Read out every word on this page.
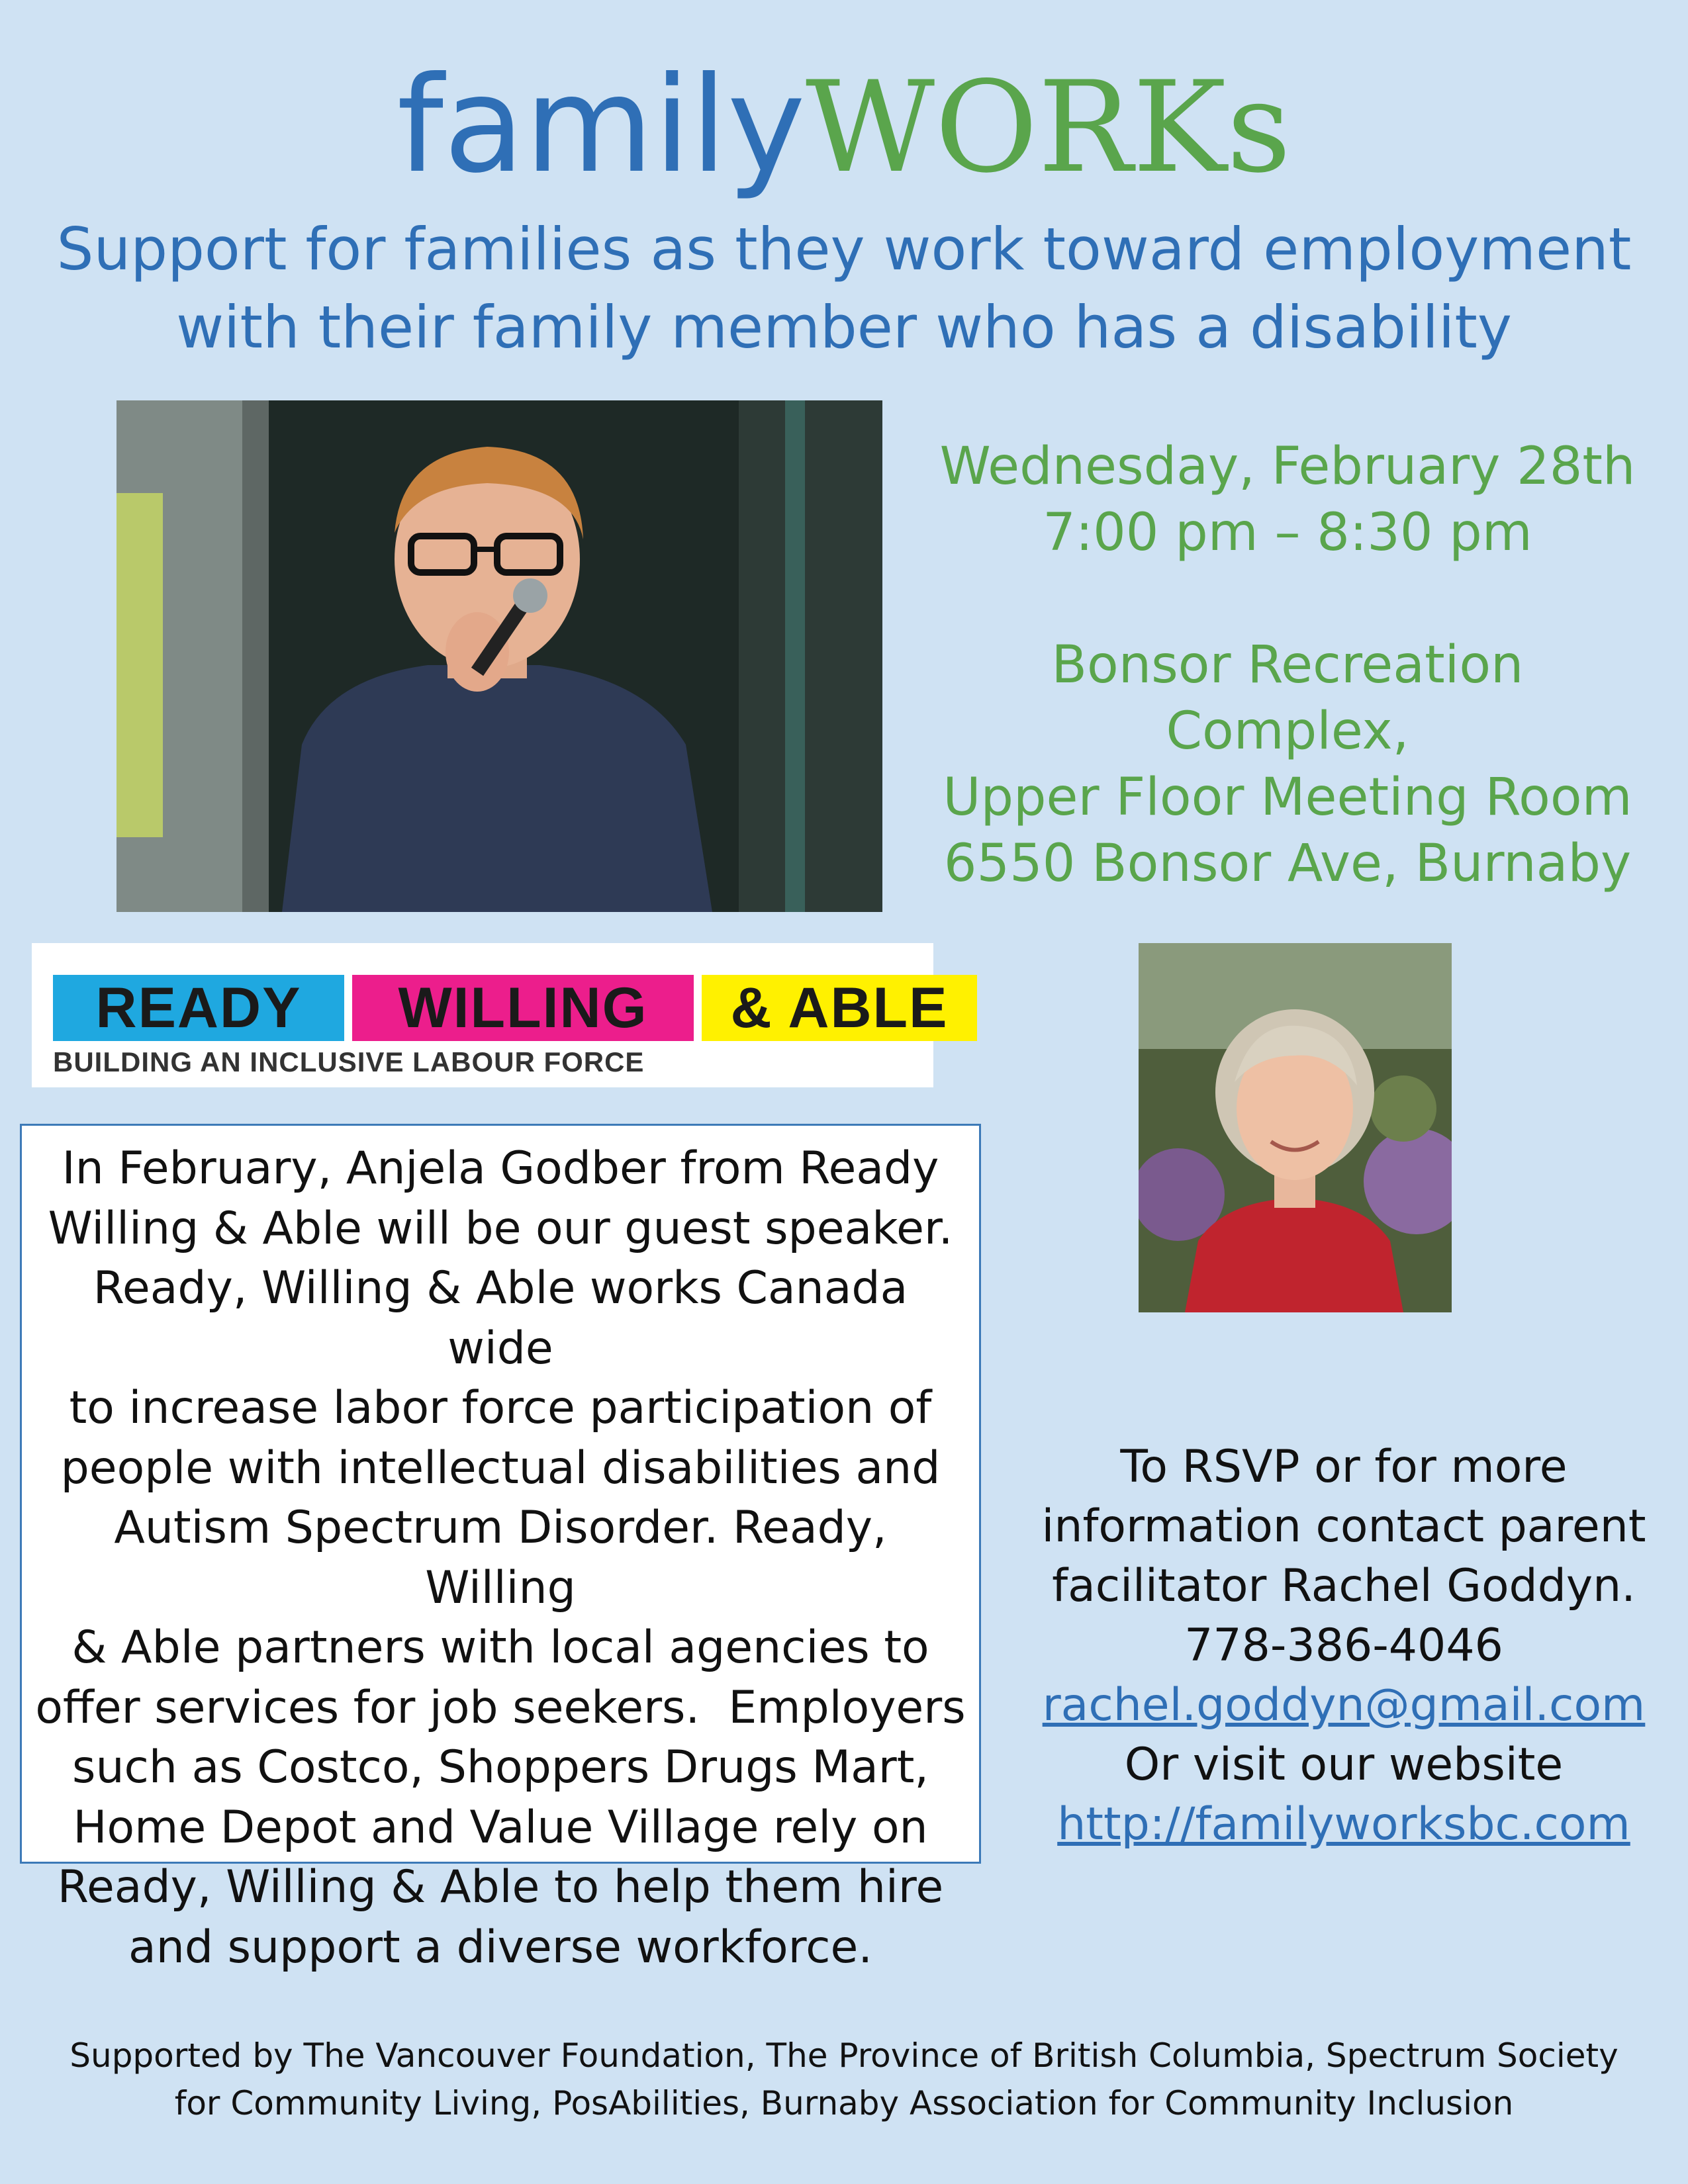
familyWORKs
Support for families as they work toward employment
with their family member who has a disability
Wednesday, February 28th
7:00 pm – 8:30 pm
Bonsor Recreation Complex,
Upper Floor Meeting Room
6550 Bonsor Ave, Burnaby
READY	WILLING	& ABLE
BUILDING AN INCLUSIVE LABOUR FORCE
In February, Anjela Godber from Ready
Willing & Able will be our guest speaker.
Ready, Willing & Able works Canada wide
to increase labor force participation of
people with intellectual disabilities and
Autism Spectrum Disorder. Ready, Willing
& Able partners with local agencies to
offer services for job seekers.  Employers
such as Costco, Shoppers Drugs Mart,
Home Depot and Value Village rely on
Ready, Willing & Able to help them hire
and support a diverse workforce.
To RSVP or for more
information contact parent
facilitator Rachel Goddyn.
778-386-4046
rachel.goddyn@gmail.com
Or visit our website
http://familyworksbc.com
Supported by The Vancouver Foundation, The Province of British Columbia, Spectrum Society
for Community Living, PosAbilities, Burnaby Association for Community Inclusion
